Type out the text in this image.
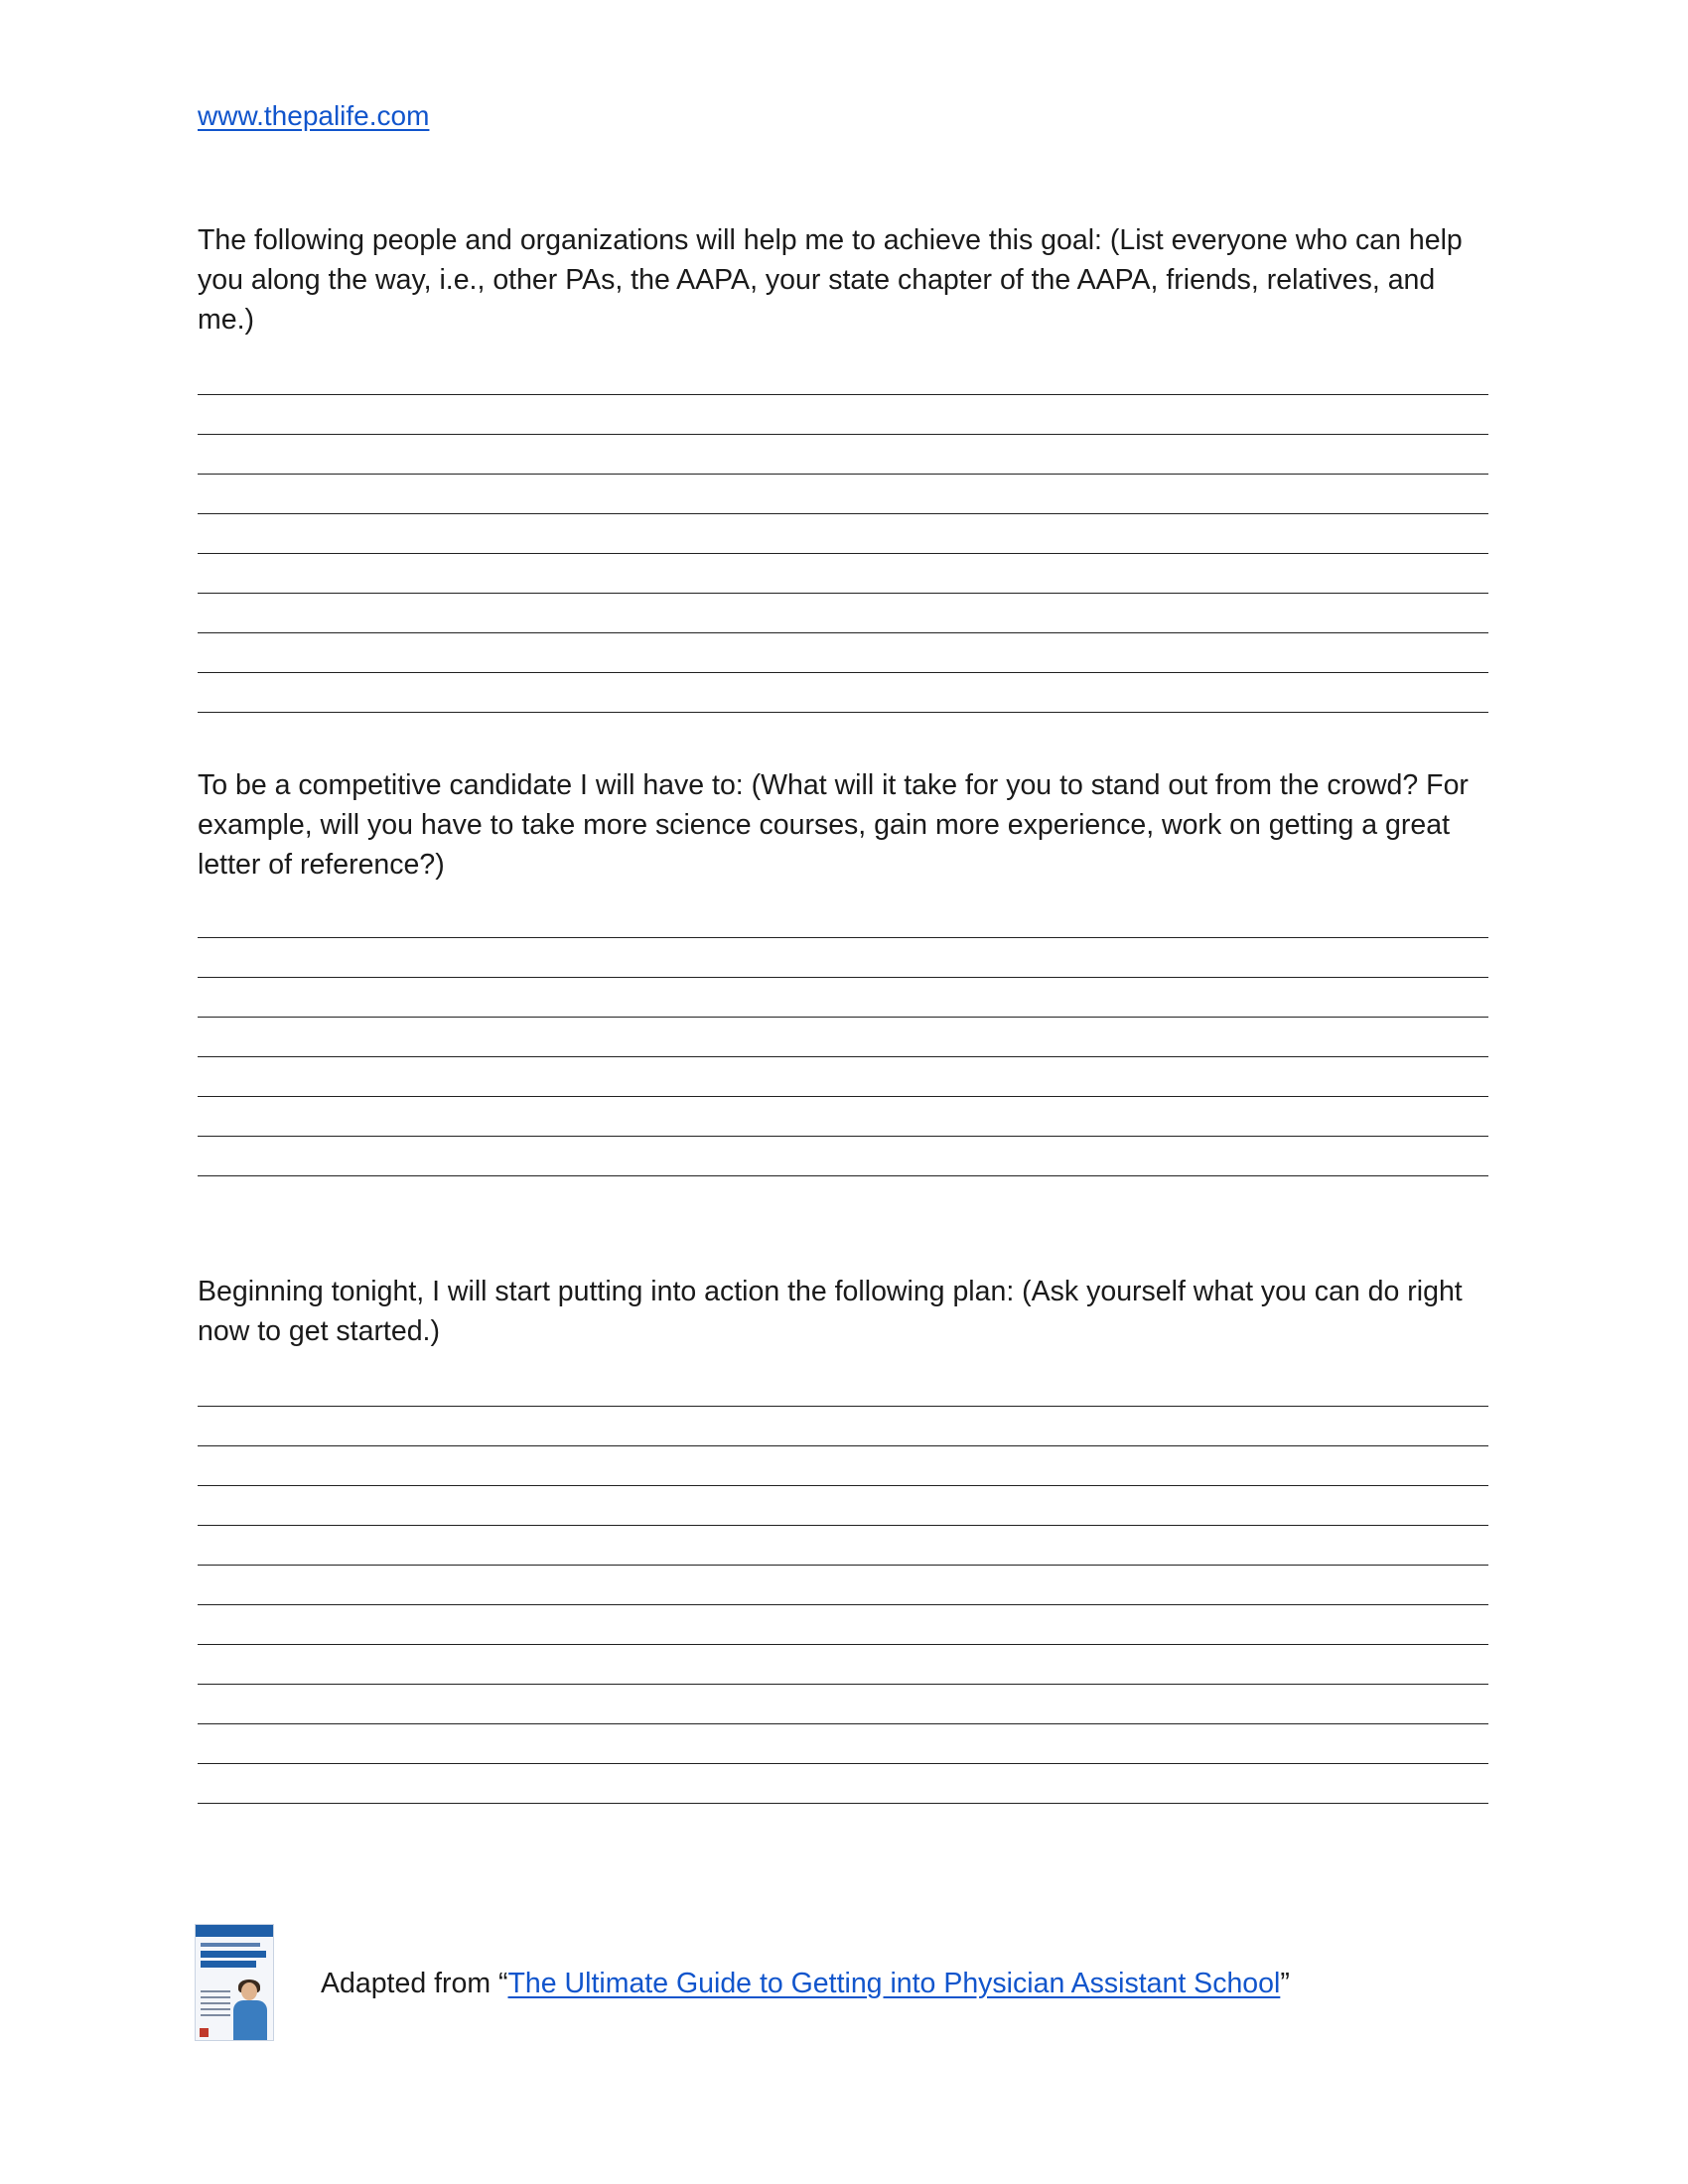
www.thepalife.com

The following people and organizations will help me to achieve this goal: (List everyone who can help
you along the way, i.e., other PAs, the AAPA, your state chapter of the AAPA, friends, relatives, and me.)

To be a competitive candidate I will have to: (What will it take for you to stand out from the crowd? For
example, will you have to take more science courses, gain more experience, work on getting a great
letter of reference?)

Beginning tonight, I will start putting into action the following plan: (Ask yourself what you can do right
now to get started.)

Adapted from “The Ultimate Guide to Getting into Physician Assistant School”
